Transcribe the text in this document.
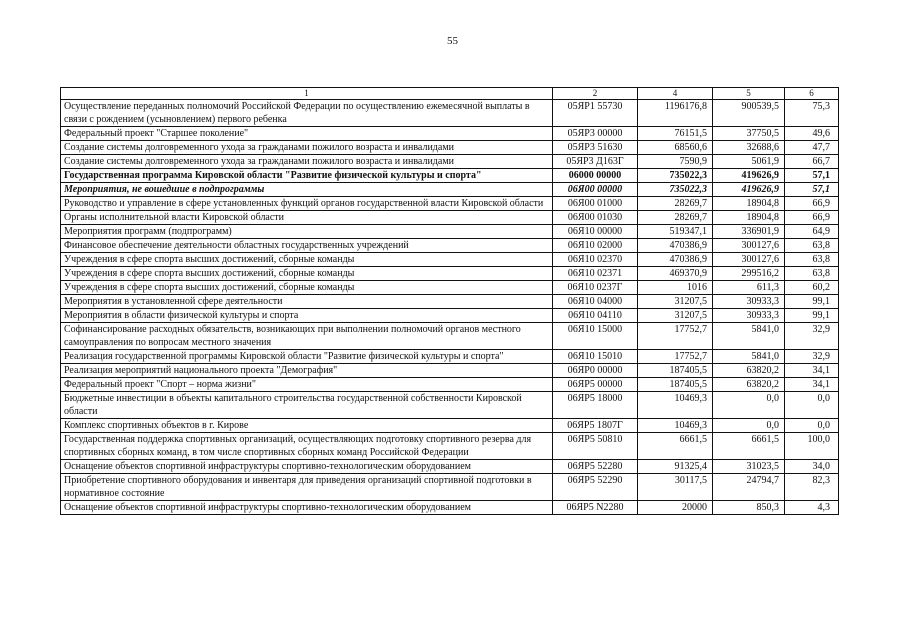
55
1	2	4	5	6
Осуществление переданных полномочий Российской Федерации по осуществлению ежемесячной выплаты в связи с рождением (усыновлением) первого ребенка	05ЯР1 55730	1196176,8	900539,5	75,3
Федеральный проект "Старшее поколение"	05ЯР3 00000	76151,5	37750,5	49,6
Создание системы долговременного ухода за гражданами пожилого возраста и инвалидами	05ЯР3 51630	68560,6	32688,6	47,7
Создание системы долговременного ухода за гражданами пожилого возраста и инвалидами	05ЯР3 Д163Г	7590,9	5061,9	66,7
Государственная программа Кировской области "Развитие физической культуры и спорта"	06000 00000	735022,3	419626,9	57,1
Мероприятия, не вошедшие в подпрограммы	06Я00 00000	735022,3	419626,9	57,1
Руководство и управление в сфере установленных функций органов государственной власти Кировской области	06Я00 01000	28269,7	18904,8	66,9
Органы исполнительной власти Кировской области	06Я00 01030	28269,7	18904,8	66,9
Мероприятия программ (подпрограмм)	06Я10 00000	519347,1	336901,9	64,9
Финансовое обеспечение деятельности областных государственных учреждений	06Я10 02000	470386,9	300127,6	63,8
Учреждения в сфере спорта высших достижений, сборные команды	06Я10 02370	470386,9	300127,6	63,8
Учреждения в сфере спорта высших достижений, сборные команды	06Я10 02371	469370,9	299516,2	63,8
Учреждения в сфере спорта высших достижений, сборные команды	06Я10 0237Г	1016	611,3	60,2
Мероприятия в установленной сфере деятельности	06Я10 04000	31207,5	30933,3	99,1
Мероприятия в области физической культуры и спорта	06Я10 04110	31207,5	30933,3	99,1
Софинансирование расходных обязательств, возникающих при выполнении полномочий органов местного самоуправления по вопросам местного значения	06Я10 15000	17752,7	5841,0	32,9
Реализация государственной программы Кировской области "Развитие физической культуры и спорта"	06Я10 15010	17752,7	5841,0	32,9
Реализация мероприятий национального проекта "Демография"	06ЯР0 00000	187405,5	63820,2	34,1
Федеральный проект "Спорт – норма жизни"	06ЯР5 00000	187405,5	63820,2	34,1
Бюджетные инвестиции в объекты капитального строительства государственной собственности Кировской области	06ЯР5 18000	10469,3	0,0	0,0
Комплекс спортивных объектов в г. Кирове	06ЯР5 1807Г	10469,3	0,0	0,0
Государственная поддержка спортивных организаций, осуществляющих подготовку спортивного резерва для спортивных сборных команд, в том числе спортивных сборных команд Российской Федерации	06ЯР5 50810	6661,5	6661,5	100,0
Оснащение объектов спортивной инфраструктуры спортивно-технологическим оборудованием	06ЯР5 52280	91325,4	31023,5	34,0
Приобретение спортивного оборудования и инвентаря для приведения организаций спортивной подготовки в нормативное состояние	06ЯР5 52290	30117,5	24794,7	82,3
Оснащение объектов спортивной инфраструктуры спортивно-технологическим оборудованием	06ЯР5 N2280	20000	850,3	4,3
